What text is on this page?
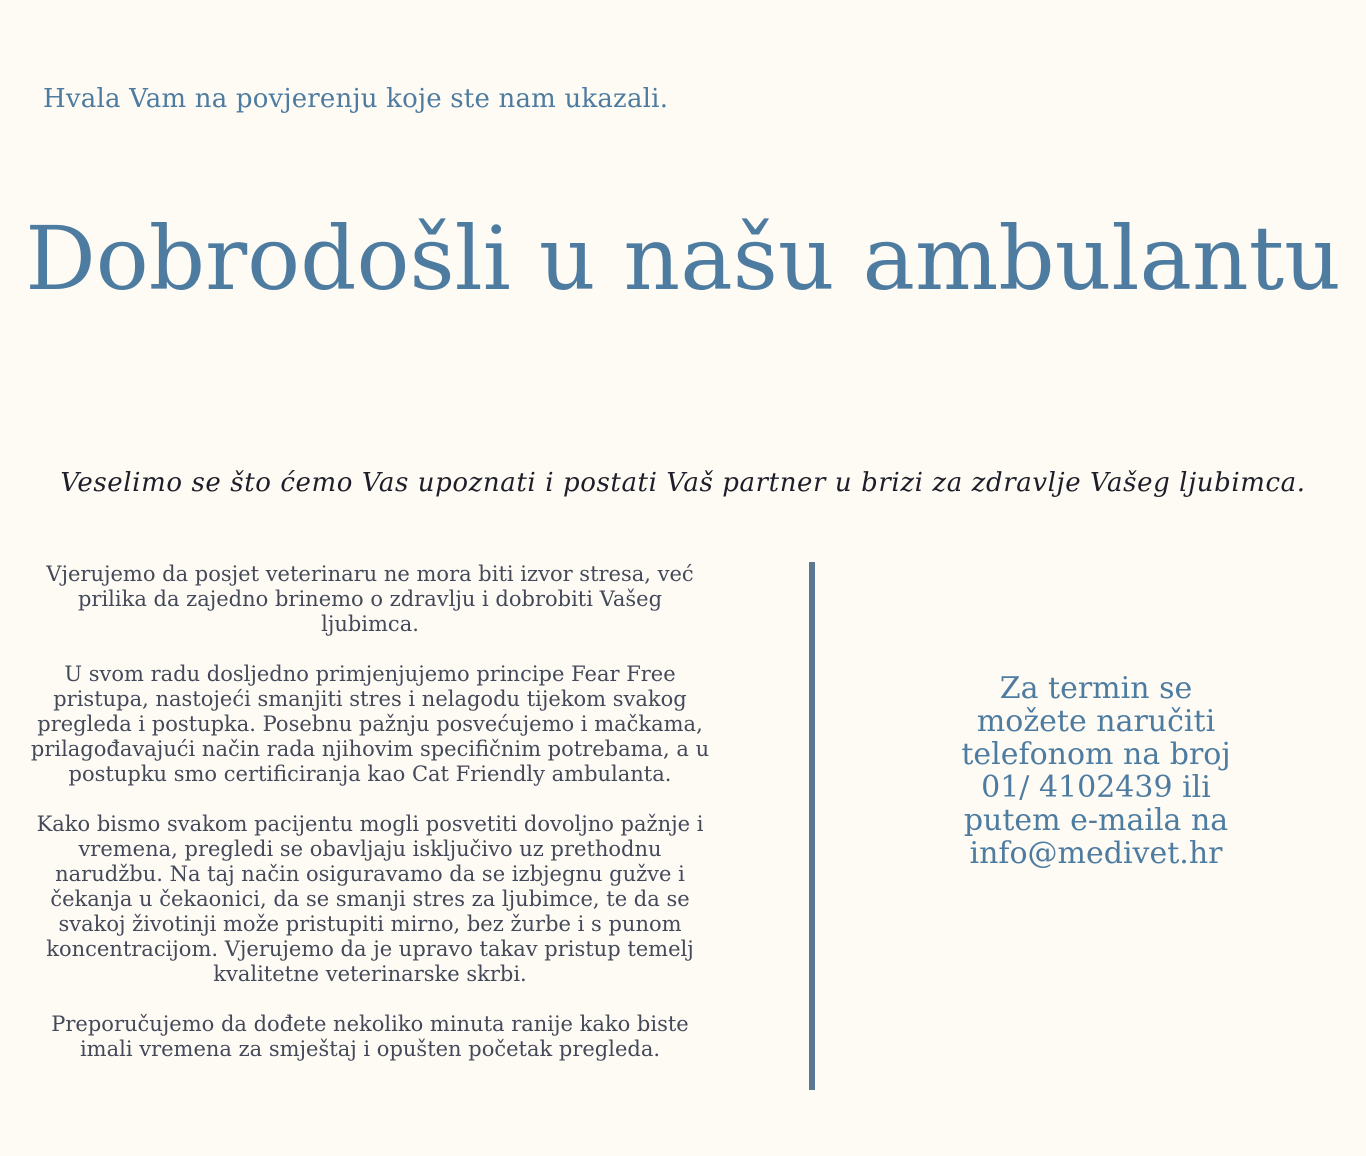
Hvala Vam na povjerenju koje ste nam ukazali.
Dobrodošli u našu ambulantu
Veselimo se što ćemo Vas upoznati i postati Vaš partner u brizi za zdravlje Vašeg ljubimca.

Vjerujemo da posjet veterinaru ne mora biti izvor stresa, već prilika da zajedno brinemo o zdravlju i dobrobiti Vašeg ljubimca.

U svom radu dosljedno primjenjujemo principe Fear Free pristupa, nastojeći smanjiti stres i nelagodu tijekom svakog pregleda i postupka. Posebnu pažnju posvećujemo i mačkama, prilagođavajući način rada njihovim specifičnim potrebama, a u postupku smo certificiranja kao Cat Friendly ambulanta.

Kako bismo svakom pacijentu mogli posvetiti dovoljno pažnje i vremena, pregledi se obavljaju isključivo uz prethodnu narudžbu. Na taj način osiguravamo da se izbjegnu gužve i čekanja u čekaonici, da se smanji stres za ljubimce, te da se svakoj životinji može pristupiti mirno, bez žurbe i s punom koncentracijom. Vjerujemo da je upravo takav pristup temelj kvalitetne veterinarske skrbi.

Preporučujemo da dođete nekoliko minuta ranije kako biste imali vremena za smještaj i opušten početak pregleda.

Za termin se možete naručiti telefonom na broj 01/ 4102439 ili putem e-maila na info@medivet.hr
